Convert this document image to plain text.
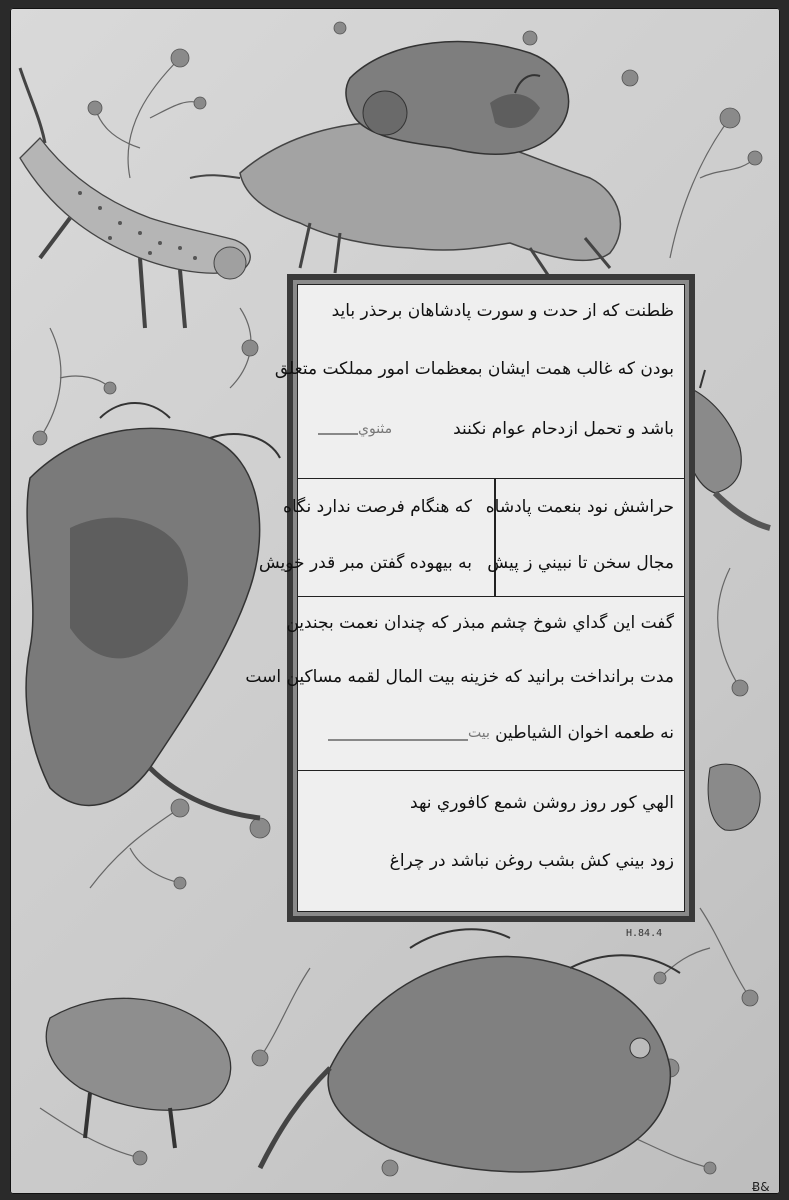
ﻇﻄﻨﺖ ﮐﻪ ﺍﺯ ﺣﺪﺕ ﻭ ﺳﻮﺭﺕ ﭘﺎﺩﺷﺎﻫﺎﻥ ﺑﺮﺣﺬﺭ ﺑﺎﻳﺪ
ﺑﻮﺩﻥ ﮐﻪ ﻏﺎﻟﺐ ﻫﻤﺖ ﺍﻳﺸﺎﻥ ﺑﻤﻌﻈﻤﺎﺕ ﺍﻣﻮﺭ ﻣﻤﻠﮑﺖ ﻣﺘﻌﻠﻖ
ﺑﺎﺷﺪ ﻭ ﺗﺤﻤﻞ ﺍﺯﺩﺣﺎﻡ ﻋﻮﺍﻡ ﻧﮑﻨﻨﺪ
ﻣﺜﻨﻮﻱ
ﺣﺮﺍﺷﺶ ﻧﻮﺩ ﺑﻨﻌﻤﺖ ﭘﺎﺩﺷﺎﻩ
ﻣﺠﺎﻝ ﺳﺨﻦ ﺗﺎ ﻧﺒﻴﻨﻲ ﺯ ﭘﻴﺶ
ﮐﻪ ﻫﻨﮕﺎﻡ ﻓﺮﺻﺖ ﻧﺪﺍﺭﺩ ﻧﮕﺎﻩ
ﺑﻪ ﺑﻴﻬﻮﺩﻩ ﮔﻔﺘﻦ ﻣﺒﺮ ﻗﺪﺭ ﺧﻮﻳﺶ
ﮔﻔﺖ ﺍﻳﻦ ﮔﺪﺍﻱ ﺷﻮﺥ ﭼﺸﻢ ﻣﺒﺬﺭ ﮐﻪ ﭼﻨﺪﺍﻥ ﻧﻌﻤﺖ ﺑﺠﻨﺪﻳﻦ
ﻣﺪﺕ ﺑﺮﺍﻧﺪﺍﺧﺖ ﺑﺮﺍﻧﻴﺪ ﮐﻪ ﺧﺰﻳﻨﻪ ﺑﻴﺖ ﺍﻟﻤﺎﻝ ﻟﻘﻤﻪ ﻣﺴﺎﮐﻴﻦ ﺍﺳﺖ
ﻧﻪ ﻃﻌﻤﻪ ﺍﺧﻮﺍﻥ ﺍﻟﺸﻴﺎﻃﻴﻦ
ﺑﻴﺖ
ﺍﻟﻬﻲ ﮐﻮﺭ ﺭﻭﺯ ﺭﻭﺷﻦ ﺷﻤﻊ ﮐﺎﻓﻮﺭﻱ ﻧﻬﺪ
ﺯﻭﺩ ﺑﻴﻨﻲ ﮐﺶ ﺑﺸﺐ ﺭﻭﻏﻦ ﻧﺒﺎﺷﺪ ﺩﺭ ﭼﺮﺍﻍ
H.84.4
Ƀ&
